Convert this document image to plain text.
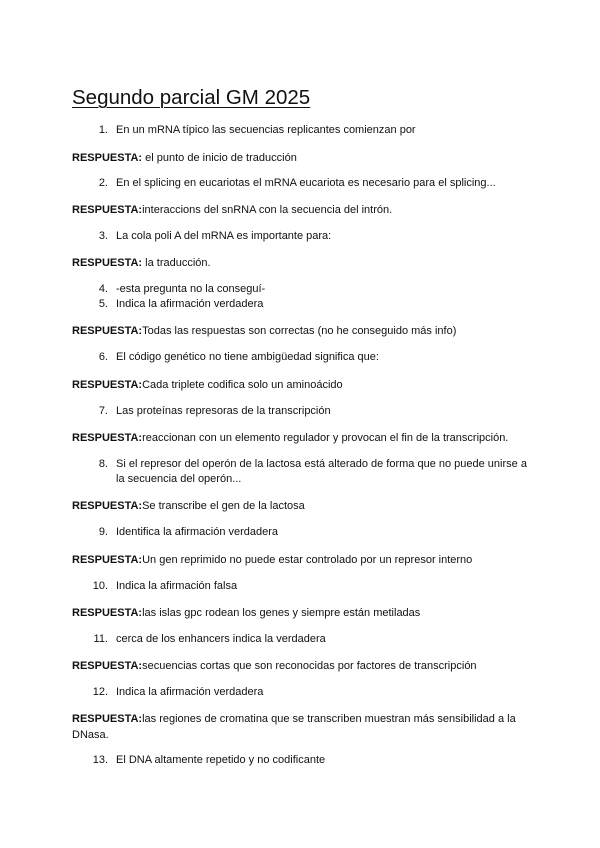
Segundo parcial GM 2025
1. En un mRNA típico las secuencias replicantes comienzan por
RESPUESTA: el punto de inicio de traducción
2. En el splicing en eucariotas el mRNA eucariota es necesario para el splicing...
RESPUESTA:interaccions del snRNA con la secuencia del intrón.
3. La cola poli A del mRNA es importante para:
RESPUESTA: la traducción.
4. -esta pregunta no la conseguí-
5. Indica la afirmación verdadera
RESPUESTA:Todas las respuestas son correctas (no he conseguido más info)
6. El código genético no tiene ambigüedad significa que:
RESPUESTA:Cada triplete codifica solo un aminoácido
7. Las proteínas represoras de la transcripción
RESPUESTA:reaccionan con un elemento regulador y provocan el fin de la transcripción.
8. Si el represor del operón de la lactosa está alterado de forma que no puede unirse a la secuencia del operón...
RESPUESTA:Se transcribe el gen de la lactosa
9. Identifica la afirmación verdadera
RESPUESTA:Un gen reprimido no puede estar controlado por un represor interno
10. Indica la afirmación falsa
RESPUESTA:las islas gpc rodean los genes y siempre están metiladas
11. cerca de los enhancers indica la verdadera
RESPUESTA:secuencias cortas que son reconocidas por factores de transcripción
12. Indica la afirmación verdadera
RESPUESTA:las regiones de cromatina que se transcriben muestran más sensibilidad a la DNasa.
13. El DNA altamente repetido y no codificante
